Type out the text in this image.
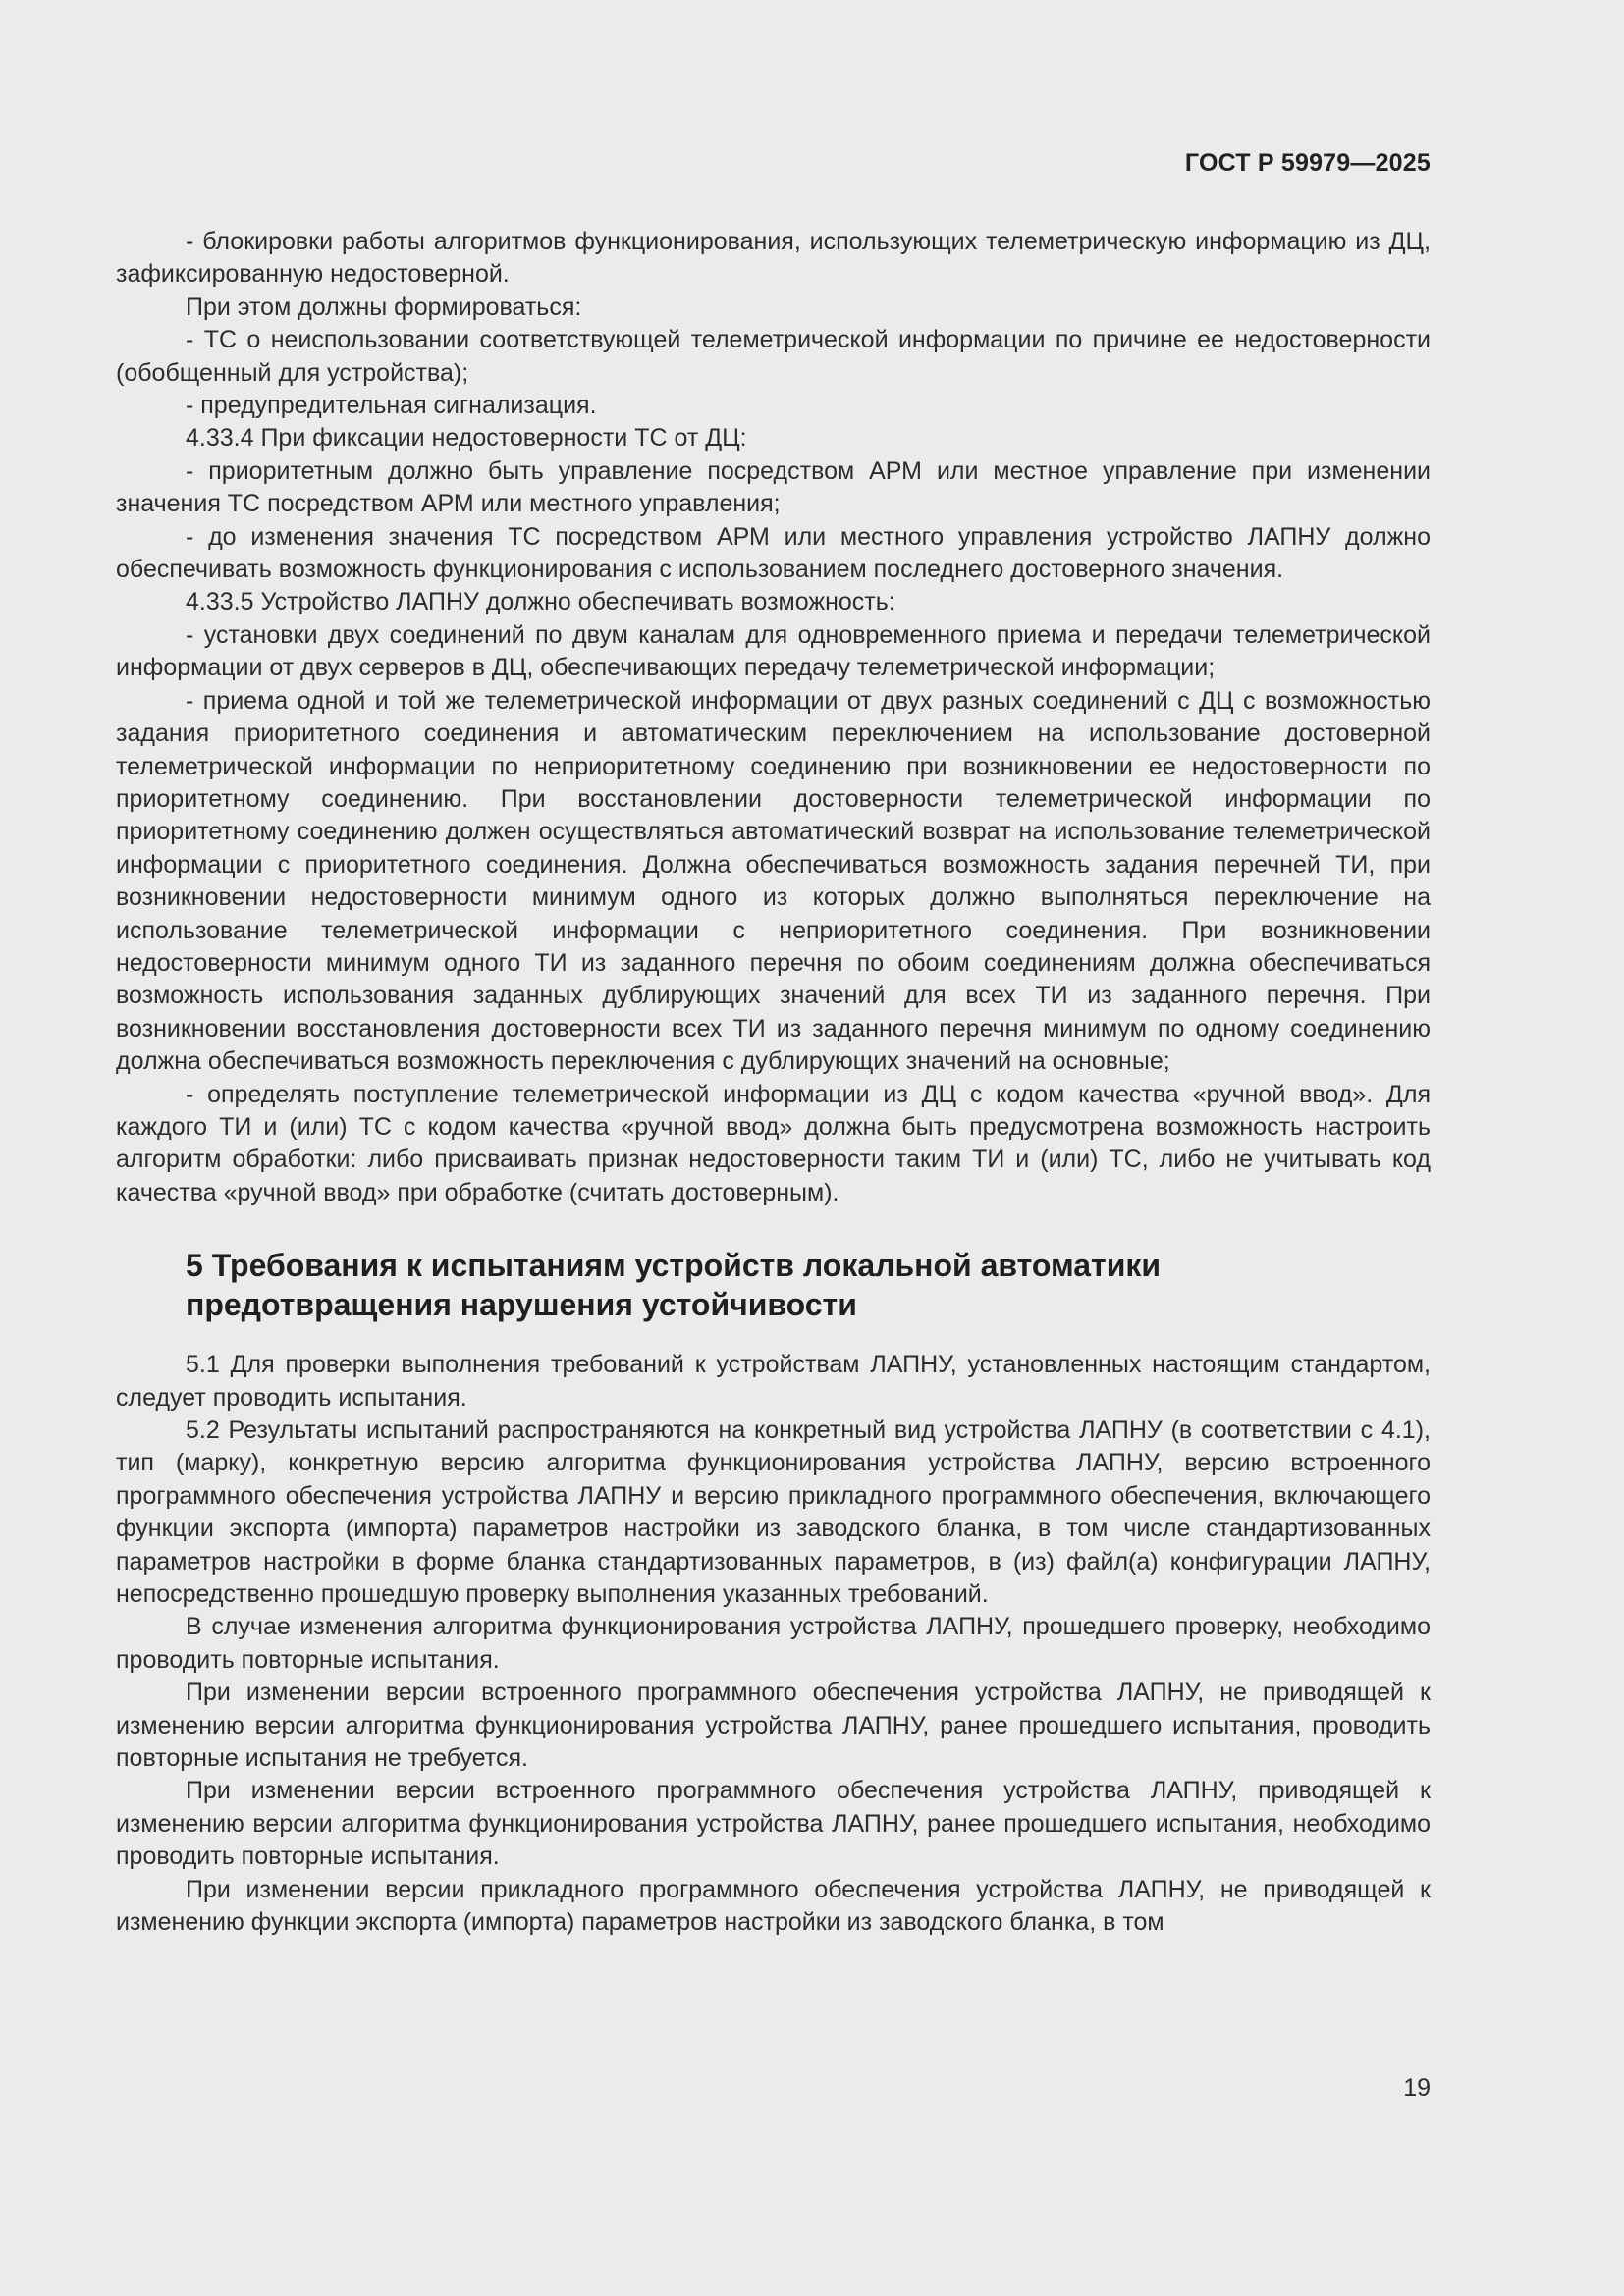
ГОСТ Р 59979—2025

- блокировки работы алгоритмов функционирования, использующих телеметрическую информацию из ДЦ, зафиксированную недостоверной.

При этом должны формироваться:

- ТС о неиспользовании соответствующей телеметрической информации по причине ее недостоверности (обобщенный для устройства);

- предупредительная сигнализация.

4.33.4 При фиксации недостоверности ТС от ДЦ:

- приоритетным должно быть управление посредством АРМ или местное управление при изменении значения ТС посредством АРМ или местного управления;

- до изменения значения ТС посредством АРМ или местного управления устройство ЛАПНУ должно обеспечивать возможность функционирования с использованием последнего достоверного значения.

4.33.5 Устройство ЛАПНУ должно обеспечивать возможность:

- установки двух соединений по двум каналам для одновременного приема и передачи телеметрической информации от двух серверов в ДЦ, обеспечивающих передачу телеметрической информации;

- приема одной и той же телеметрической информации от двух разных соединений с ДЦ с возможностью задания приоритетного соединения и автоматическим переключением на использование достоверной телеметрической информации по неприоритетному соединению при возникновении ее недостоверности по приоритетному соединению. При восстановлении достоверности телеметрической информации по приоритетному соединению должен осуществляться автоматический возврат на использование телеметрической информации с приоритетного соединения. Должна обеспечиваться возможность задания перечней ТИ, при возникновении недостоверности минимум одного из которых должно выполняться переключение на использование телеметрической информации с неприоритетного соединения. При возникновении недостоверности минимум одного ТИ из заданного перечня по обоим соединениям должна обеспечиваться возможность использования заданных дублирующих значений для всех ТИ из заданного перечня. При возникновении восстановления достоверности всех ТИ из заданного перечня минимум по одному соединению должна обеспечиваться возможность переключения с дублирующих значений на основные;

- определять поступление телеметрической информации из ДЦ с кодом качества «ручной ввод». Для каждого ТИ и (или) ТС с кодом качества «ручной ввод» должна быть предусмотрена возможность настроить алгоритм обработки: либо присваивать признак недостоверности таким ТИ и (или) ТС, либо не учитывать код качества «ручной ввод» при обработке (считать достоверным).

5 Требования к испытаниям устройств локальной автоматики предотвращения нарушения устойчивости

5.1 Для проверки выполнения требований к устройствам ЛАПНУ, установленных настоящим стандартом, следует проводить испытания.

5.2 Результаты испытаний распространяются на конкретный вид устройства ЛАПНУ (в соответствии с 4.1), тип (марку), конкретную версию алгоритма функционирования устройства ЛАПНУ, версию встроенного программного обеспечения устройства ЛАПНУ и версию прикладного программного обеспечения, включающего функции экспорта (импорта) параметров настройки из заводского бланка, в том числе стандартизованных параметров настройки в форме бланка стандартизованных параметров, в (из) файл(а) конфигурации ЛАПНУ, непосредственно прошедшую проверку выполнения указанных требований.

В случае изменения алгоритма функционирования устройства ЛАПНУ, прошедшего проверку, необходимо проводить повторные испытания.

При изменении версии встроенного программного обеспечения устройства ЛАПНУ, не приводящей к изменению версии алгоритма функционирования устройства ЛАПНУ, ранее прошедшего испытания, проводить повторные испытания не требуется.

При изменении версии встроенного программного обеспечения устройства ЛАПНУ, приводящей к изменению версии алгоритма функционирования устройства ЛАПНУ, ранее прошедшего испытания, необходимо проводить повторные испытания.

При изменении версии прикладного программного обеспечения устройства ЛАПНУ, не приводящей к изменению функции экспорта (импорта) параметров настройки из заводского бланка, в том

19
